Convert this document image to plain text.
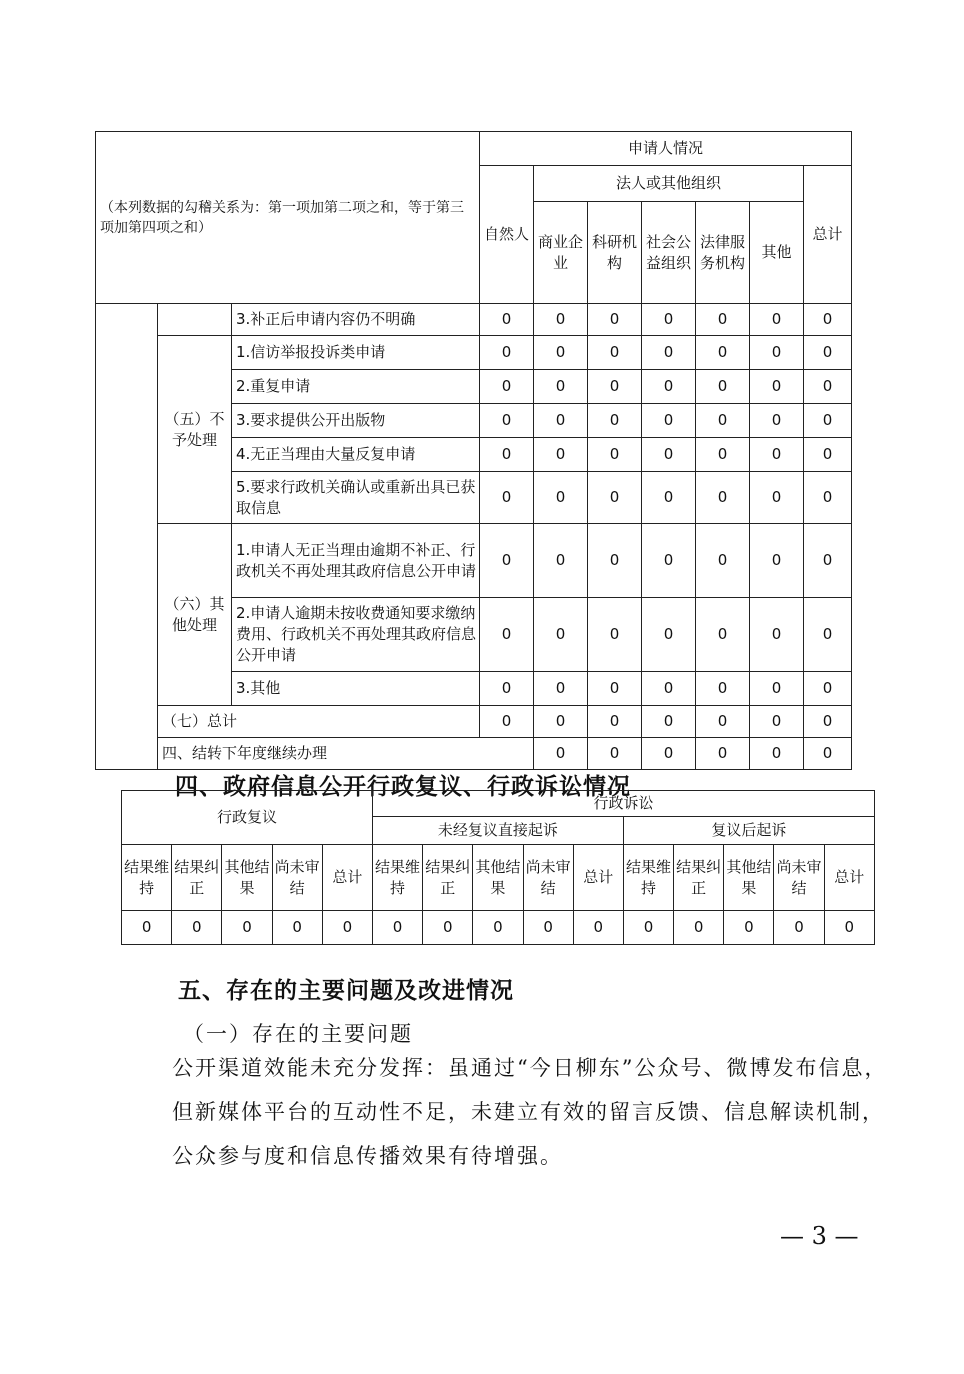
（本列数据的勾稽关系为：第一项加第二项之和，等于第三项加第四项之和）			申请人情况							
			自然人	法人或其他组织					总计	
				商业企业	科研机构	社会公益组织	法律服务机构	其他		
		3.补正后申请内容仍不明确	0	0	0	0	0	0	0	
	（五）不予处理	1.信访举报投诉类申请	0	0	0	0	0	0	0	
		2.重复申请	0	0	0	0	0	0	0	
		3.要求提供公开出版物	0	0	0	0	0	0	0	
		4.无正当理由大量反复申请	0	0	0	0	0	0	0	
		5.要求行政机关确认或重新出具已获取信息	0	0	0	0	0	0	0	
	（六）其他处理	1.申请人无正当理由逾期不补正、行政机关不再处理其政府信息公开申请	0	0	0	0	0	0	0	
		2.申请人逾期未按收费通知要求缴纳费用、行政机关不再处理其政府信息公开申请	0	0	0	0	0	0	0	
		3.其他	0	0	0	0	0	0	0	
	（七）总计		0	0	0	0	0	0	0	
	四、结转下年度继续办理			0	0	0	0	0	0	
四、政府信息公开行政复议、行政诉讼情况
行政复议					行政诉讼									
					未经复议直接起诉					复议后起诉				
结果维持	结果纠正	其他结果	尚未审结	总计	结果维持	结果纠正	其他结果	尚未审结	总计	结果维持	结果纠正	其他结果	尚未审结	总计
0	0	0	0	0	0	0	0	0	0	0	0	0	0	0
五、存在的主要问题及改进情况
（一）存在的主要问题
公开渠道效能未充分发挥：虽通过“今日柳东”公众号、微博发布信息，但新媒体平台的互动性不足，未建立有效的留言反馈、信息解读机制，公众参与度和信息传播效果有待增强。
— 3 —
